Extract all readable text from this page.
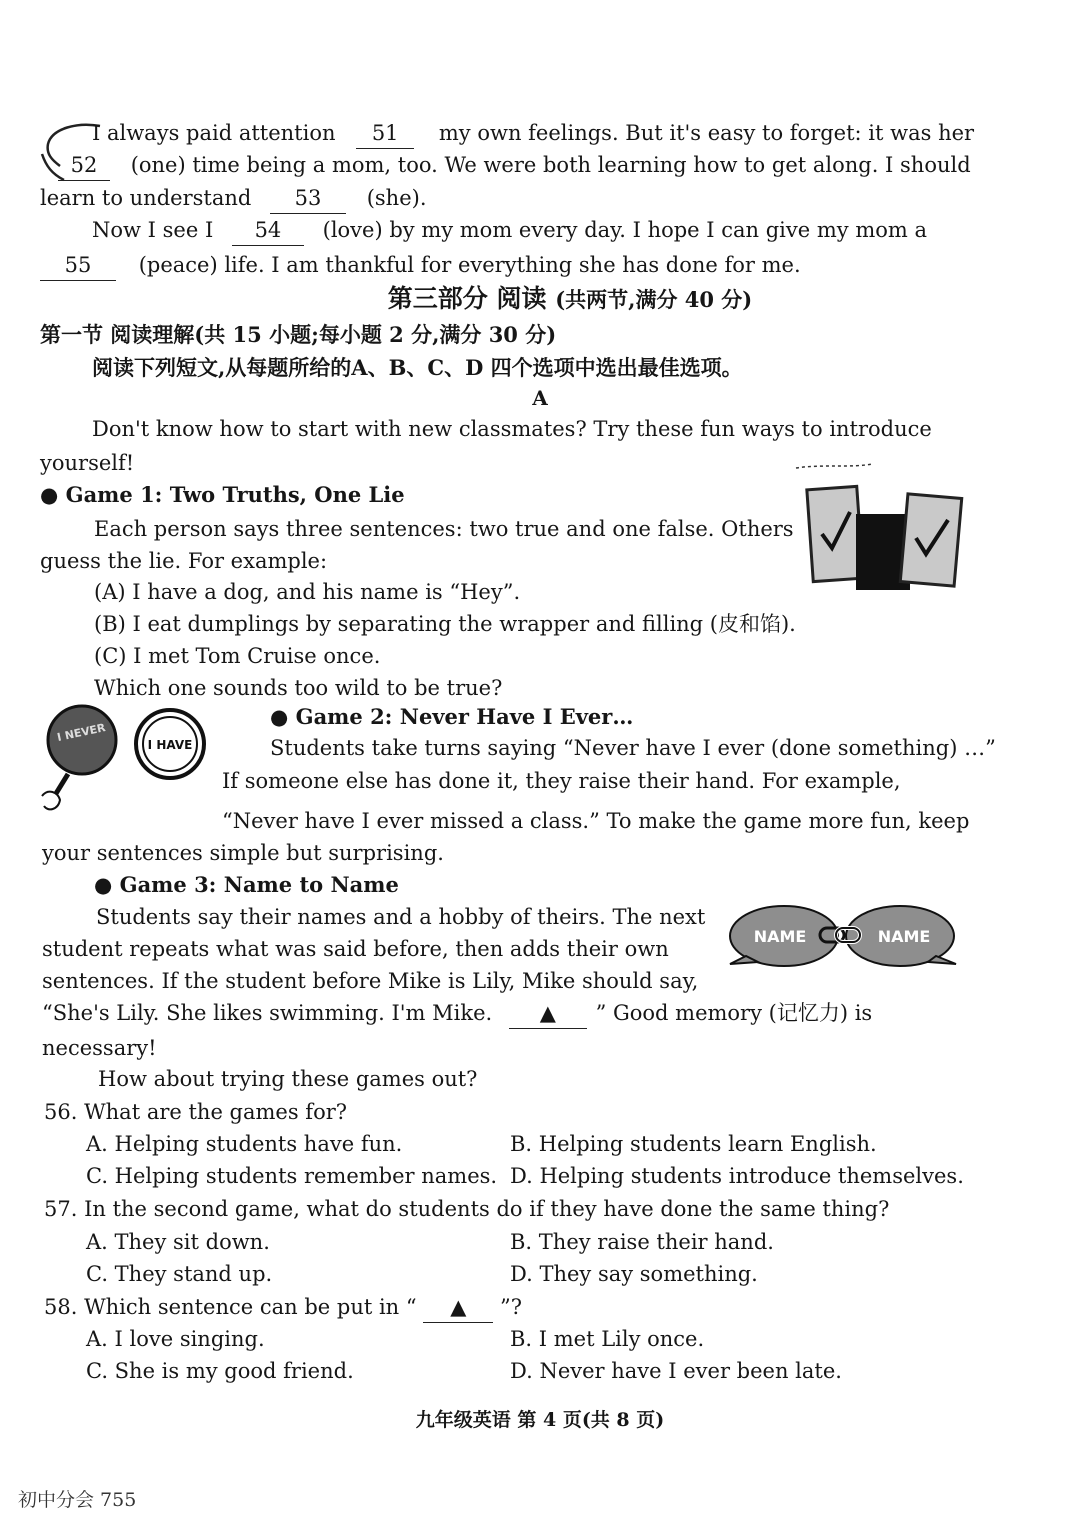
I always paid attention 51 my own feelings. But it's easy to forget: it was her
52 (one) time being a mom, too. We were both learning how to get along. I should
learn to understand 53 (she).
Now I see I 54 (love) by my mom every day. I hope I can give my mom a
55 (peace) life. I am thankful for everything she has done for me.
第三部分 阅读 (共两节,满分 40 分)
第一节 阅读理解(共 15 小题;每小题 2 分,满分 30 分)
阅读下列短文,从每题所给的A、B、C、D 四个选项中选出最佳选项。
A
Don't know how to start with new classmates? Try these fun ways to introduce
yourself!
● Game 1: Two Truths, One Lie
Each person says three sentences: two true and one false. Others
guess the lie. For example:
(A) I have a dog, and his name is “Hey”.
(B) I eat dumplings by separating the wrapper and filling (皮和馅).
(C) I met Tom Cruise once.
Which one sounds too wild to be true?
I NEVER
I HAVE
● Game 2: Never Have I Ever…
Students take turns saying “Never have I ever (done something) …”
If someone else has done it, they raise their hand. For example,
“Never have I ever missed a class.” To make the game more fun, keep
your sentences simple but surprising.
● Game 3: Name to Name
Students say their names and a hobby of theirs. The next
student repeats what was said before, then adds their own
sentences. If the student before Mike is Lily, Mike should say,
“She's Lily. She likes swimming. I'm Mike. ▲ ” Good memory (记忆力) is
necessary!
NAME	NAME
How about trying these games out?
56. What are the games for?
A. Helping students have fun.	B. Helping students learn English.
C. Helping students remember names. D. Helping students introduce themselves.
57. In the second game, what do students do if they have done the same thing?
A. They sit down.	B. They raise their hand.
C. They stand up.	D. They say something.
58. Which sentence can be put in “ ▲ ”?
A. I love singing.	B. I met Lily once.
C. She is my good friend.	D. Never have I ever been late.
九年级英语 第 4 页(共 8 页)
初中分会 755
